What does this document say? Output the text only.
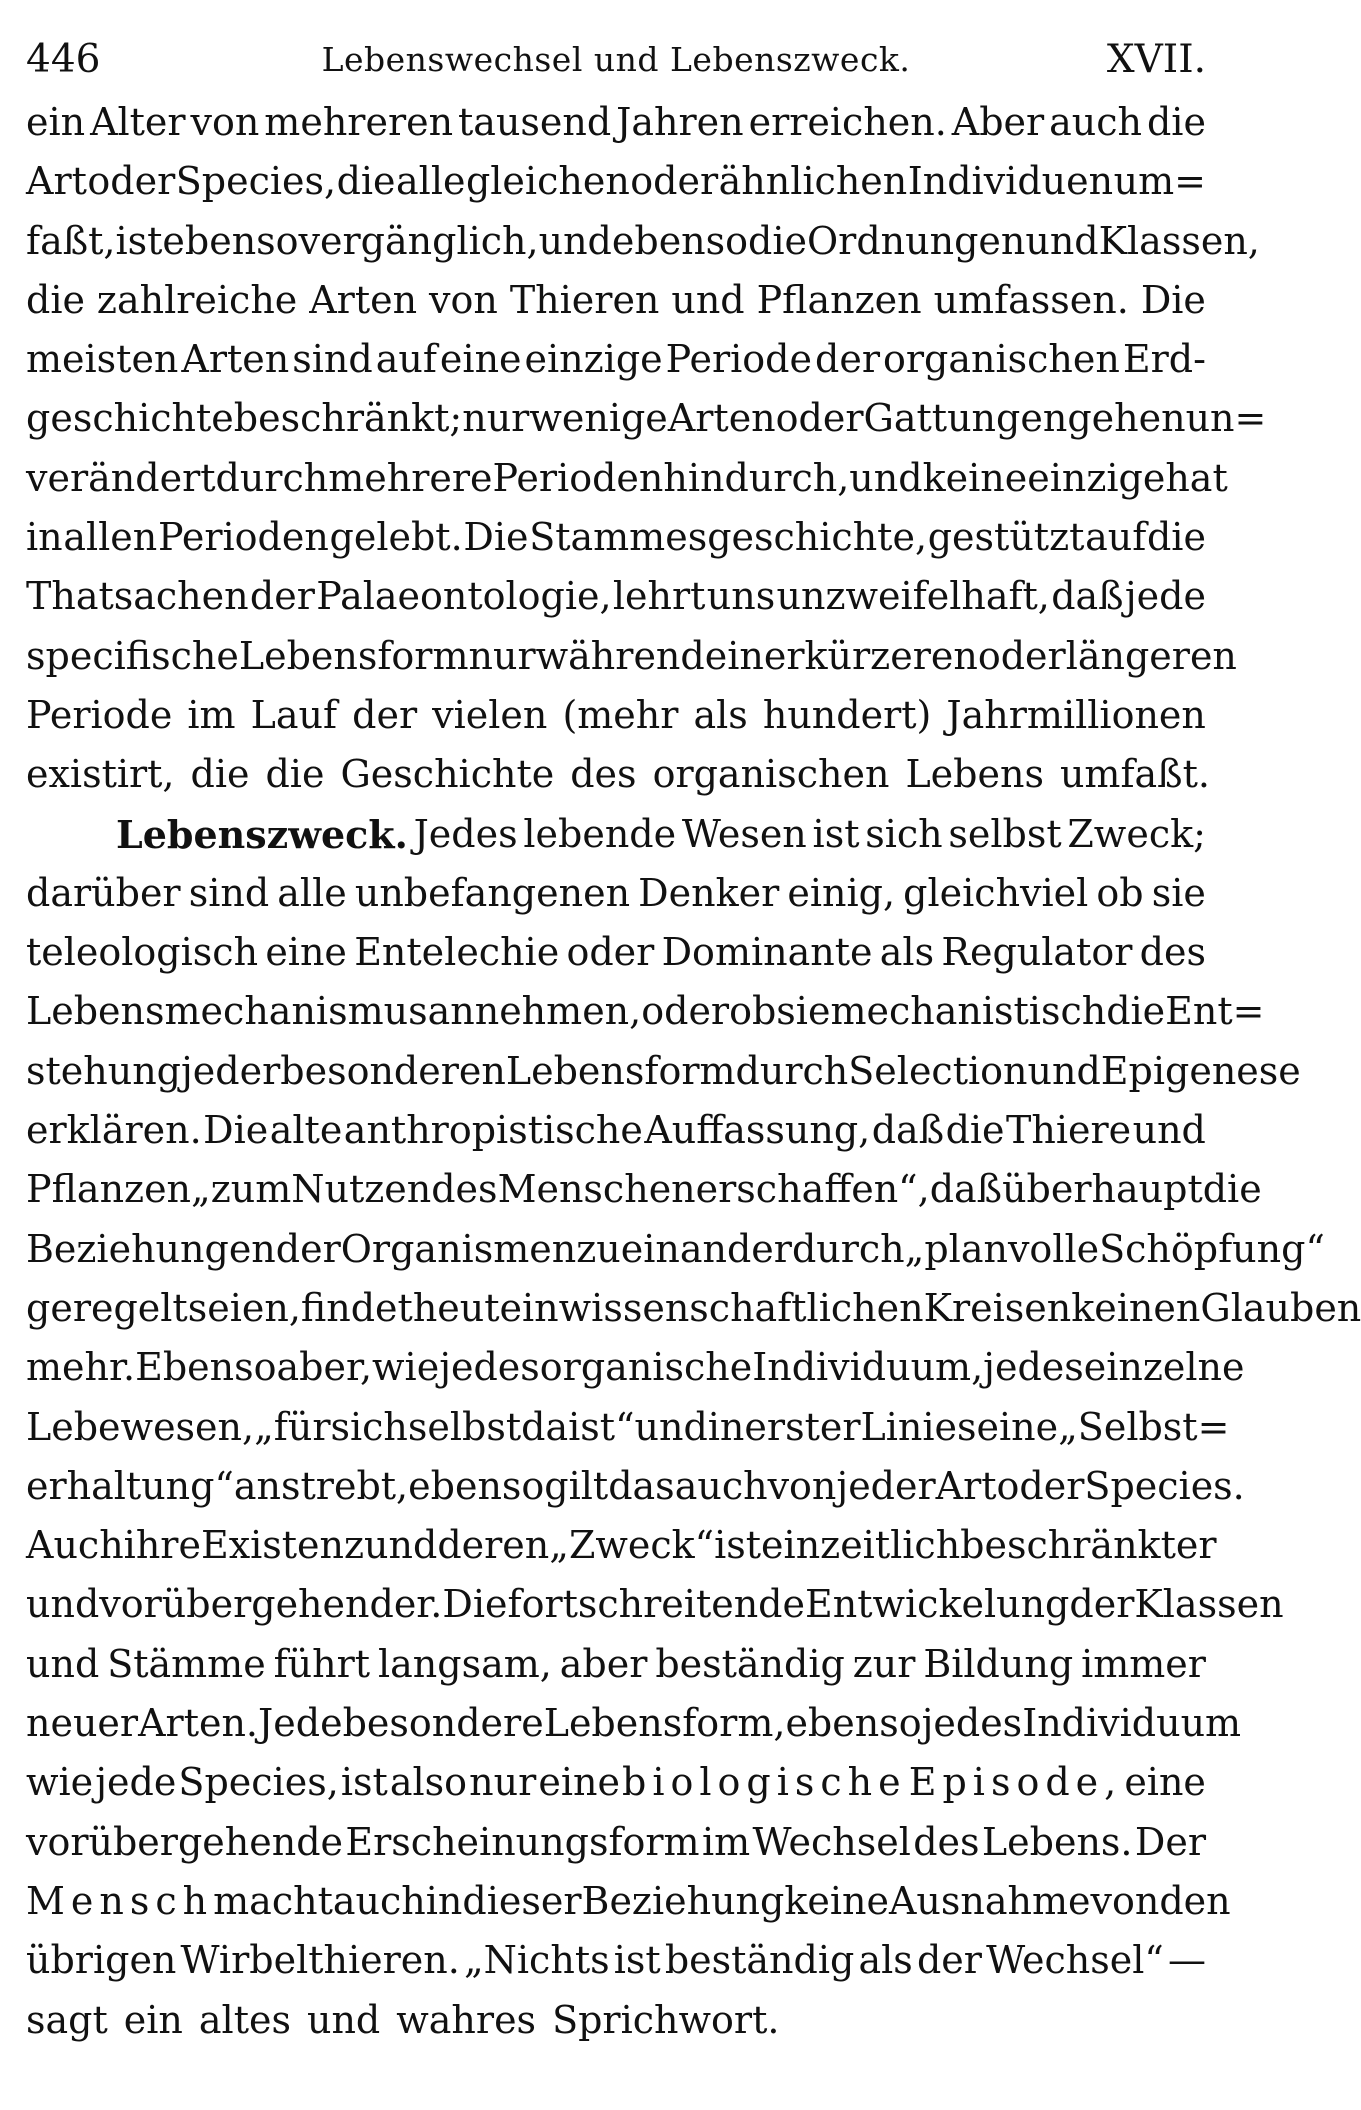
446	Lebenswechsel und Lebenszweck.	XVII.
ein Alter von mehreren tausend Jahren erreichen. Aber auch die
Art oder Species, die alle gleichen oder ähnlichen Individuen um=
faßt, ist ebenso vergänglich, und ebenso die Ordnungen und Klassen,
die zahlreiche Arten von Thieren und Pflanzen umfassen. Die
meisten Arten sind auf eine einzige Periode der organischen Erd-
geschichte beschränkt; nur wenige Arten oder Gattungen gehen un=
verändert durch mehrere Perioden hindurch, und keine einzige hat
in allen Perioden gelebt. Die Stammesgeschichte, gestützt auf die
Thatsachen der Palaeontologie, lehrt uns unzweifelhaft, daß jede
specifische Lebensform nur während einer kürzeren oder längeren
Periode im Lauf der vielen (mehr als hundert) Jahrmillionen
existirt, die die Geschichte des organischen Lebens umfaßt.
Lebenszweck. Jedes lebende Wesen ist sich selbst Zweck;
darüber sind alle unbefangenen Denker einig, gleichviel ob sie
teleologisch eine Entelechie oder Dominante als Regulator des
Lebensmechanismus annehmen, oder ob sie mechanistisch die Ent=
stehung jeder besonderen Lebensform durch Selection und Epigenese
erklären. Die alte anthropistische Auffassung, daß die Thiere und
Pflanzen „zum Nutzen des Menschen erschaffen“, daß überhaupt die
Beziehungen der Organismen zu einander durch „planvolle Schöpfung“
geregelt seien, findet heute in wissenschaftlichen Kreisen keinen Glauben
mehr. Ebenso aber, wie jedes organische Individuum, jedes einzelne
Lebewesen, „für sich selbst da ist“ und in erster Linie seine „Selbst=
erhaltung“ anstrebt, ebenso gilt das auch von jeder Art oder Species.
Auch ihre Existenz und deren „Zweck“ ist ein zeitlich beschränkter
und vorübergehender. Die fortschreitende Entwickelung der Klassen
und Stämme führt langsam, aber beständig zur Bildung immer
neuer Arten. Jede besondere Lebensform, ebenso jedes Individuum
wie jede Species, ist also nur eine biologische Episode, eine
vorübergehende Erscheinungsform im Wechsel des Lebens. Der
Mensch macht auch in dieser Beziehung keine Ausnahme von den
übrigen Wirbelthieren. „Nichts ist beständig als der Wechsel“ —
sagt ein altes und wahres Sprichwort.
